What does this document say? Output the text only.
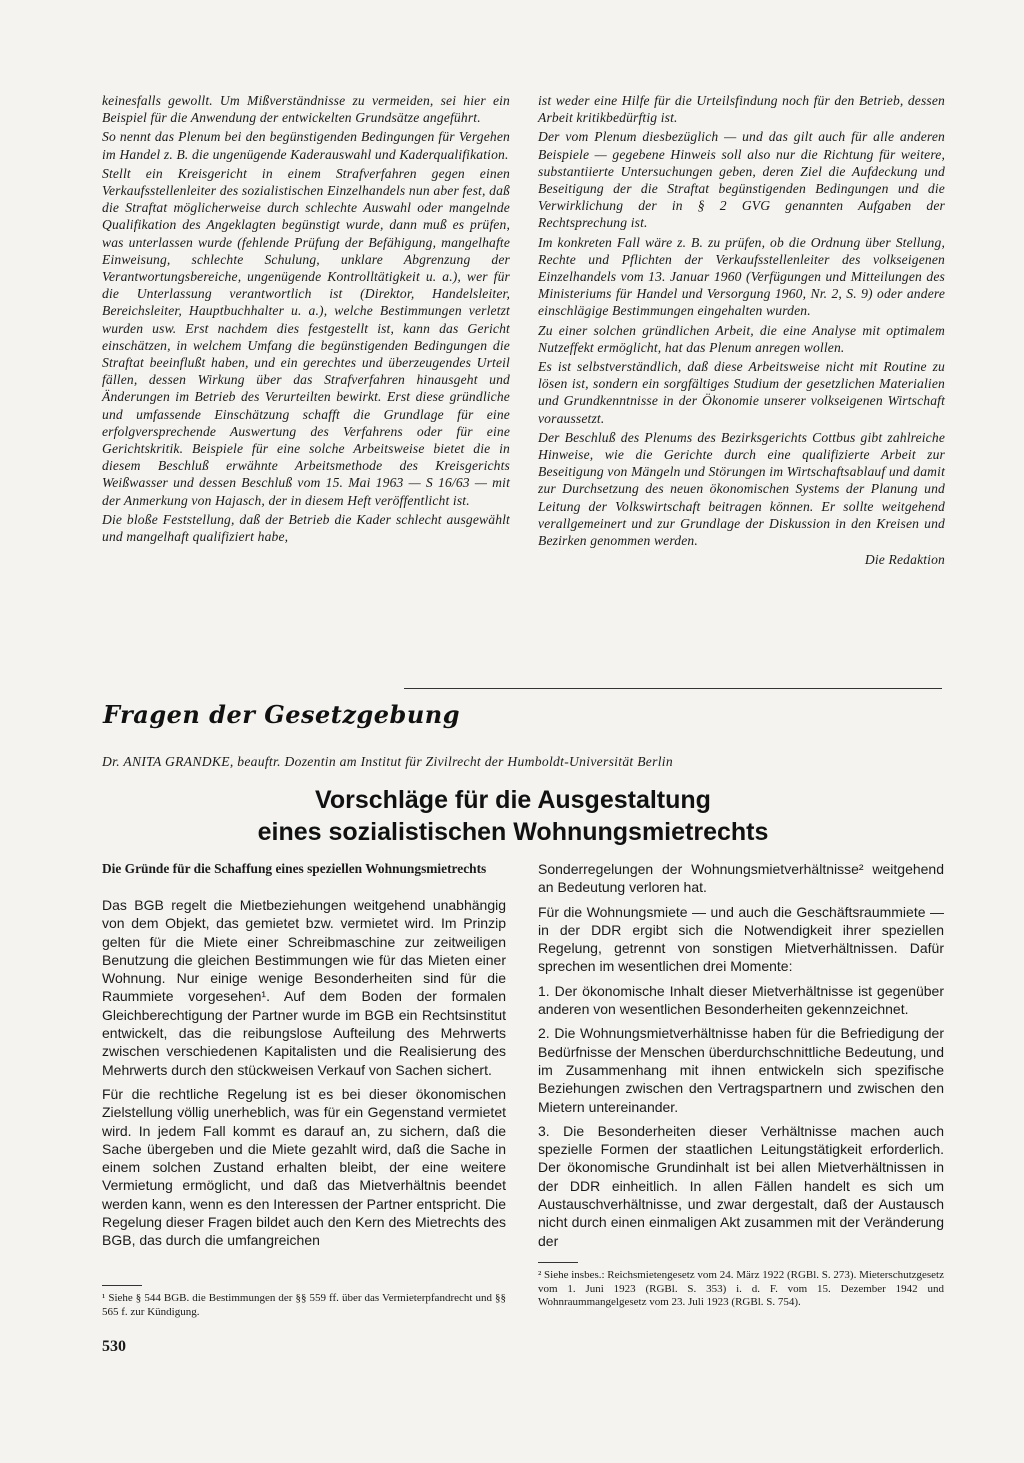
keinesfalls gewollt. Um Mißverständnisse zu vermeiden, sei hier ein Beispiel für die Anwendung der entwickelten Grundsätze angeführt.

So nennt das Plenum bei den begünstigenden Bedingungen für Vergehen im Handel z. B. die ungenügende Kaderauswahl und Kaderqualifikation.

Stellt ein Kreisgericht in einem Strafverfahren gegen einen Verkaufsstellenleiter des sozialistischen Einzelhandels nun aber fest, daß die Straftat möglicherweise durch schlechte Auswahl oder mangelnde Qualifikation des Angeklagten begünstigt wurde, dann muß es prüfen, was unterlassen wurde (fehlende Prüfung der Befähigung, mangelhafte Einweisung, schlechte Schulung, unklare Abgrenzung der Verantwortungsbereiche, ungenügende Kontrolltätigkeit u. a.), wer für die Unterlassung verantwortlich ist (Direktor, Handelsleiter, Bereichsleiter, Hauptbuchhalter u. a.), welche Bestimmungen verletzt wurden usw. Erst nachdem dies festgestellt ist, kann das Gericht einschätzen, in welchem Umfang die begünstigenden Bedingungen die Straftat beeinflußt haben, und ein gerechtes und überzeugendes Urteil fällen, dessen Wirkung über das Strafverfahren hinausgeht und Änderungen im Betrieb des Verurteilten bewirkt. Erst diese gründliche und umfassende Einschätzung schafft die Grundlage für eine erfolgversprechende Auswertung des Verfahrens oder für eine Gerichtskritik. Beispiele für eine solche Arbeitsweise bietet die in diesem Beschluß erwähnte Arbeitsmethode des Kreisgerichts Weißwasser und dessen Beschluß vom 15. Mai 1963 — S 16/63 — mit der Anmerkung von Hajasch, der in diesem Heft veröffentlicht ist.

Die bloße Feststellung, daß der Betrieb die Kader schlecht ausgewählt und mangelhaft qualifiziert habe,

ist weder eine Hilfe für die Urteilsfindung noch für den Betrieb, dessen Arbeit kritikbedürftig ist.

Der vom Plenum diesbezüglich — und das gilt auch für alle anderen Beispiele — gegebene Hinweis soll also nur die Richtung für weitere, substantiierte Untersuchungen geben, deren Ziel die Aufdeckung und Beseitigung der die Straftat begünstigenden Bedingungen und die Verwirklichung der in § 2 GVG genannten Aufgaben der Rechtsprechung ist.

Im konkreten Fall wäre z. B. zu prüfen, ob die Ordnung über Stellung, Rechte und Pflichten der Verkaufsstellenleiter des volkseigenen Einzelhandels vom 13. Januar 1960 (Verfügungen und Mitteilungen des Ministeriums für Handel und Versorgung 1960, Nr. 2, S. 9) oder andere einschlägige Bestimmungen eingehalten wurden.

Zu einer solchen gründlichen Arbeit, die eine Analyse mit optimalem Nutzeffekt ermöglicht, hat das Plenum anregen wollen.

Es ist selbstverständlich, daß diese Arbeitsweise nicht mit Routine zu lösen ist, sondern ein sorgfältiges Studium der gesetzlichen Materialien und Grundkenntnisse in der Ökonomie unserer volkseigenen Wirtschaft voraussetzt.

Der Beschluß des Plenums des Bezirksgerichts Cottbus gibt zahlreiche Hinweise, wie die Gerichte durch eine qualifizierte Arbeit zur Beseitigung von Mängeln und Störungen im Wirtschaftsablauf und damit zur Durchsetzung des neuen ökonomischen Systems der Planung und Leitung der Volkswirtschaft beitragen können. Er sollte weitgehend verallgemeinert und zur Grundlage der Diskussion in den Kreisen und Bezirken genommen werden.

Die Redaktion

Fragen der Gesetzgebung
Dr. ANITA GRANDKE, beauftr. Dozentin am Institut für Zivilrecht der Humboldt-Universität Berlin
Vorschläge für die Ausgestaltung
eines sozialistischen Wohnungsmietrechts
Die Gründe für die Schaffung eines speziellen Wohnungsmietrechts

Das BGB regelt die Mietbeziehungen weitgehend unabhängig von dem Objekt, das gemietet bzw. vermietet wird. Im Prinzip gelten für die Miete einer Schreibmaschine zur zeitweiligen Benutzung die gleichen Bestimmungen wie für das Mieten einer Wohnung. Nur einige wenige Besonderheiten sind für die Raummiete vorgesehen¹. Auf dem Boden der formalen Gleichberechtigung der Partner wurde im BGB ein Rechtsinstitut entwickelt, das die reibungslose Aufteilung des Mehrwerts zwischen verschiedenen Kapitalisten und die Realisierung des Mehrwerts durch den stückweisen Verkauf von Sachen sichert.

Für die rechtliche Regelung ist es bei dieser ökonomischen Zielstellung völlig unerheblich, was für ein Gegenstand vermietet wird. In jedem Fall kommt es darauf an, zu sichern, daß die Sache übergeben und die Miete gezahlt wird, daß die Sache in einem solchen Zustand erhalten bleibt, der eine weitere Vermietung ermöglicht, und daß das Mietverhältnis beendet werden kann, wenn es den Interessen der Partner entspricht. Die Regelung dieser Fragen bildet auch den Kern des Mietrechts des BGB, das durch die umfangreichen

Sonderregelungen der Wohnungsmietverhältnisse² weitgehend an Bedeutung verloren hat.

Für die Wohnungsmiete — und auch die Geschäftsraummiete — in der DDR ergibt sich die Notwendigkeit ihrer speziellen Regelung, getrennt von sonstigen Mietverhältnissen. Dafür sprechen im wesentlichen drei Momente:

1. Der ökonomische Inhalt dieser Mietverhältnisse ist gegenüber anderen von wesentlichen Besonderheiten gekennzeichnet.

2. Die Wohnungsmietverhältnisse haben für die Befriedigung der Bedürfnisse der Menschen überdurchschnittliche Bedeutung, und im Zusammenhang mit ihnen entwickeln sich spezifische Beziehungen zwischen den Vertragspartnern und zwischen den Mietern untereinander.

3. Die Besonderheiten dieser Verhältnisse machen auch spezielle Formen der staatlichen Leitungstätigkeit erforderlich. Der ökonomische Grundinhalt ist bei allen Mietverhältnissen in der DDR einheitlich. In allen Fällen handelt es sich um Austauschverhältnisse, und zwar dergestalt, daß der Austausch nicht durch einen einmaligen Akt zusammen mit der Veränderung der

¹ Siehe § 544 BGB. die Bestimmungen der §§ 559 ff. über das Vermieterpfandrecht und §§ 565 f. zur Kündigung.
² Siehe insbes.: Reichsmietengesetz vom 24. März 1922 (RGBl. S. 273). Mieterschutzgesetz vom 1. Juni 1923 (RGBl. S. 353) i. d. F. vom 15. Dezember 1942 und Wohnraummangelgesetz vom 23. Juli 1923 (RGBl. S. 754).
530
